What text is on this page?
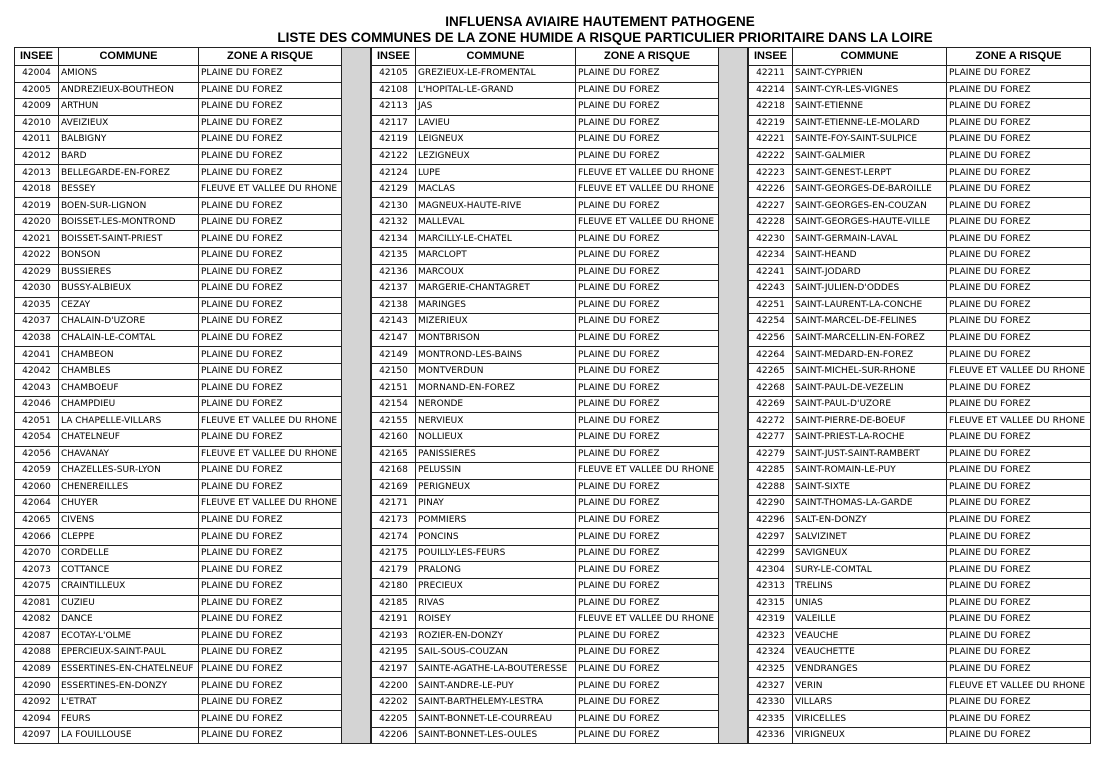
INFLUENSA AVIAIRE HAUTEMENT PATHOGENE
LISTE DES COMMUNES DE LA ZONE HUMIDE A RISQUE PARTICULIER PRIORITAIRE DANS LA LOIRE
INSEE	COMMUNE	ZONE A RISQUE
42004	AMIONS	PLAINE DU FOREZ
42005	ANDREZIEUX-BOUTHEON	PLAINE DU FOREZ
42009	ARTHUN	PLAINE DU FOREZ
42010	AVEIZIEUX	PLAINE DU FOREZ
42011	BALBIGNY	PLAINE DU FOREZ
42012	BARD	PLAINE DU FOREZ
42013	BELLEGARDE-EN-FOREZ	PLAINE DU FOREZ
42018	BESSEY	FLEUVE ET VALLEE DU RHONE
42019	BOEN-SUR-LIGNON	PLAINE DU FOREZ
42020	BOISSET-LES-MONTROND	PLAINE DU FOREZ
42021	BOISSET-SAINT-PRIEST	PLAINE DU FOREZ
42022	BONSON	PLAINE DU FOREZ
42029	BUSSIERES	PLAINE DU FOREZ
42030	BUSSY-ALBIEUX	PLAINE DU FOREZ
42035	CEZAY	PLAINE DU FOREZ
42037	CHALAIN-D'UZORE	PLAINE DU FOREZ
42038	CHALAIN-LE-COMTAL	PLAINE DU FOREZ
42041	CHAMBEON	PLAINE DU FOREZ
42042	CHAMBLES	PLAINE DU FOREZ
42043	CHAMBOEUF	PLAINE DU FOREZ
42046	CHAMPDIEU	PLAINE DU FOREZ
42051	LA CHAPELLE-VILLARS	FLEUVE ET VALLEE DU RHONE
42054	CHATELNEUF	PLAINE DU FOREZ
42056	CHAVANAY	FLEUVE ET VALLEE DU RHONE
42059	CHAZELLES-SUR-LYON	PLAINE DU FOREZ
42060	CHENEREILLES	PLAINE DU FOREZ
42064	CHUYER	FLEUVE ET VALLEE DU RHONE
42065	CIVENS	PLAINE DU FOREZ
42066	CLEPPE	PLAINE DU FOREZ
42070	CORDELLE	PLAINE DU FOREZ
42073	COTTANCE	PLAINE DU FOREZ
42075	CRAINTILLEUX	PLAINE DU FOREZ
42081	CUZIEU	PLAINE DU FOREZ
42082	DANCE	PLAINE DU FOREZ
42087	ECOTAY-L'OLME	PLAINE DU FOREZ
42088	EPERCIEUX-SAINT-PAUL	PLAINE DU FOREZ
42089	ESSERTINES-EN-CHATELNEUF	PLAINE DU FOREZ
42090	ESSERTINES-EN-DONZY	PLAINE DU FOREZ
42092	L'ETRAT	PLAINE DU FOREZ
42094	FEURS	PLAINE DU FOREZ
42097	LA FOUILLOUSE	PLAINE DU FOREZ
INSEE	COMMUNE	ZONE A RISQUE
42105	GREZIEUX-LE-FROMENTAL	PLAINE DU FOREZ
42108	L'HOPITAL-LE-GRAND	PLAINE DU FOREZ
42113	JAS	PLAINE DU FOREZ
42117	LAVIEU	PLAINE DU FOREZ
42119	LEIGNEUX	PLAINE DU FOREZ
42122	LEZIGNEUX	PLAINE DU FOREZ
42124	LUPE	FLEUVE ET VALLEE DU RHONE
42129	MACLAS	FLEUVE ET VALLEE DU RHONE
42130	MAGNEUX-HAUTE-RIVE	PLAINE DU FOREZ
42132	MALLEVAL	FLEUVE ET VALLEE DU RHONE
42134	MARCILLY-LE-CHATEL	PLAINE DU FOREZ
42135	MARCLOPT	PLAINE DU FOREZ
42136	MARCOUX	PLAINE DU FOREZ
42137	MARGERIE-CHANTAGRET	PLAINE DU FOREZ
42138	MARINGES	PLAINE DU FOREZ
42143	MIZERIEUX	PLAINE DU FOREZ
42147	MONTBRISON	PLAINE DU FOREZ
42149	MONTROND-LES-BAINS	PLAINE DU FOREZ
42150	MONTVERDUN	PLAINE DU FOREZ
42151	MORNAND-EN-FOREZ	PLAINE DU FOREZ
42154	NERONDE	PLAINE DU FOREZ
42155	NERVIEUX	PLAINE DU FOREZ
42160	NOLLIEUX	PLAINE DU FOREZ
42165	PANISSIERES	PLAINE DU FOREZ
42168	PELUSSIN	FLEUVE ET VALLEE DU RHONE
42169	PERIGNEUX	PLAINE DU FOREZ
42171	PINAY	PLAINE DU FOREZ
42173	POMMIERS	PLAINE DU FOREZ
42174	PONCINS	PLAINE DU FOREZ
42175	POUILLY-LES-FEURS	PLAINE DU FOREZ
42179	PRALONG	PLAINE DU FOREZ
42180	PRECIEUX	PLAINE DU FOREZ
42185	RIVAS	PLAINE DU FOREZ
42191	ROISEY	FLEUVE ET VALLEE DU RHONE
42193	ROZIER-EN-DONZY	PLAINE DU FOREZ
42195	SAIL-SOUS-COUZAN	PLAINE DU FOREZ
42197	SAINTE-AGATHE-LA-BOUTERESSE	PLAINE DU FOREZ
42200	SAINT-ANDRE-LE-PUY	PLAINE DU FOREZ
42202	SAINT-BARTHELEMY-LESTRA	PLAINE DU FOREZ
42205	SAINT-BONNET-LE-COURREAU	PLAINE DU FOREZ
42206	SAINT-BONNET-LES-OULES	PLAINE DU FOREZ
INSEE	COMMUNE	ZONE A RISQUE
42211	SAINT-CYPRIEN	PLAINE DU FOREZ
42214	SAINT-CYR-LES-VIGNES	PLAINE DU FOREZ
42218	SAINT-ETIENNE	PLAINE DU FOREZ
42219	SAINT-ETIENNE-LE-MOLARD	PLAINE DU FOREZ
42221	SAINTE-FOY-SAINT-SULPICE	PLAINE DU FOREZ
42222	SAINT-GALMIER	PLAINE DU FOREZ
42223	SAINT-GENEST-LERPT	PLAINE DU FOREZ
42226	SAINT-GEORGES-DE-BAROILLE	PLAINE DU FOREZ
42227	SAINT-GEORGES-EN-COUZAN	PLAINE DU FOREZ
42228	SAINT-GEORGES-HAUTE-VILLE	PLAINE DU FOREZ
42230	SAINT-GERMAIN-LAVAL	PLAINE DU FOREZ
42234	SAINT-HEAND	PLAINE DU FOREZ
42241	SAINT-JODARD	PLAINE DU FOREZ
42243	SAINT-JULIEN-D'ODDES	PLAINE DU FOREZ
42251	SAINT-LAURENT-LA-CONCHE	PLAINE DU FOREZ
42254	SAINT-MARCEL-DE-FELINES	PLAINE DU FOREZ
42256	SAINT-MARCELLIN-EN-FOREZ	PLAINE DU FOREZ
42264	SAINT-MEDARD-EN-FOREZ	PLAINE DU FOREZ
42265	SAINT-MICHEL-SUR-RHONE	FLEUVE ET VALLEE DU RHONE
42268	SAINT-PAUL-DE-VEZELIN	PLAINE DU FOREZ
42269	SAINT-PAUL-D'UZORE	PLAINE DU FOREZ
42272	SAINT-PIERRE-DE-BOEUF	FLEUVE ET VALLEE DU RHONE
42277	SAINT-PRIEST-LA-ROCHE	PLAINE DU FOREZ
42279	SAINT-JUST-SAINT-RAMBERT	PLAINE DU FOREZ
42285	SAINT-ROMAIN-LE-PUY	PLAINE DU FOREZ
42288	SAINT-SIXTE	PLAINE DU FOREZ
42290	SAINT-THOMAS-LA-GARDE	PLAINE DU FOREZ
42296	SALT-EN-DONZY	PLAINE DU FOREZ
42297	SALVIZINET	PLAINE DU FOREZ
42299	SAVIGNEUX	PLAINE DU FOREZ
42304	SURY-LE-COMTAL	PLAINE DU FOREZ
42313	TRELINS	PLAINE DU FOREZ
42315	UNIAS	PLAINE DU FOREZ
42319	VALEILLE	PLAINE DU FOREZ
42323	VEAUCHE	PLAINE DU FOREZ
42324	VEAUCHETTE	PLAINE DU FOREZ
42325	VENDRANGES	PLAINE DU FOREZ
42327	VERIN	FLEUVE ET VALLEE DU RHONE
42330	VILLARS	PLAINE DU FOREZ
42335	VIRICELLES	PLAINE DU FOREZ
42336	VIRIGNEUX	PLAINE DU FOREZ
